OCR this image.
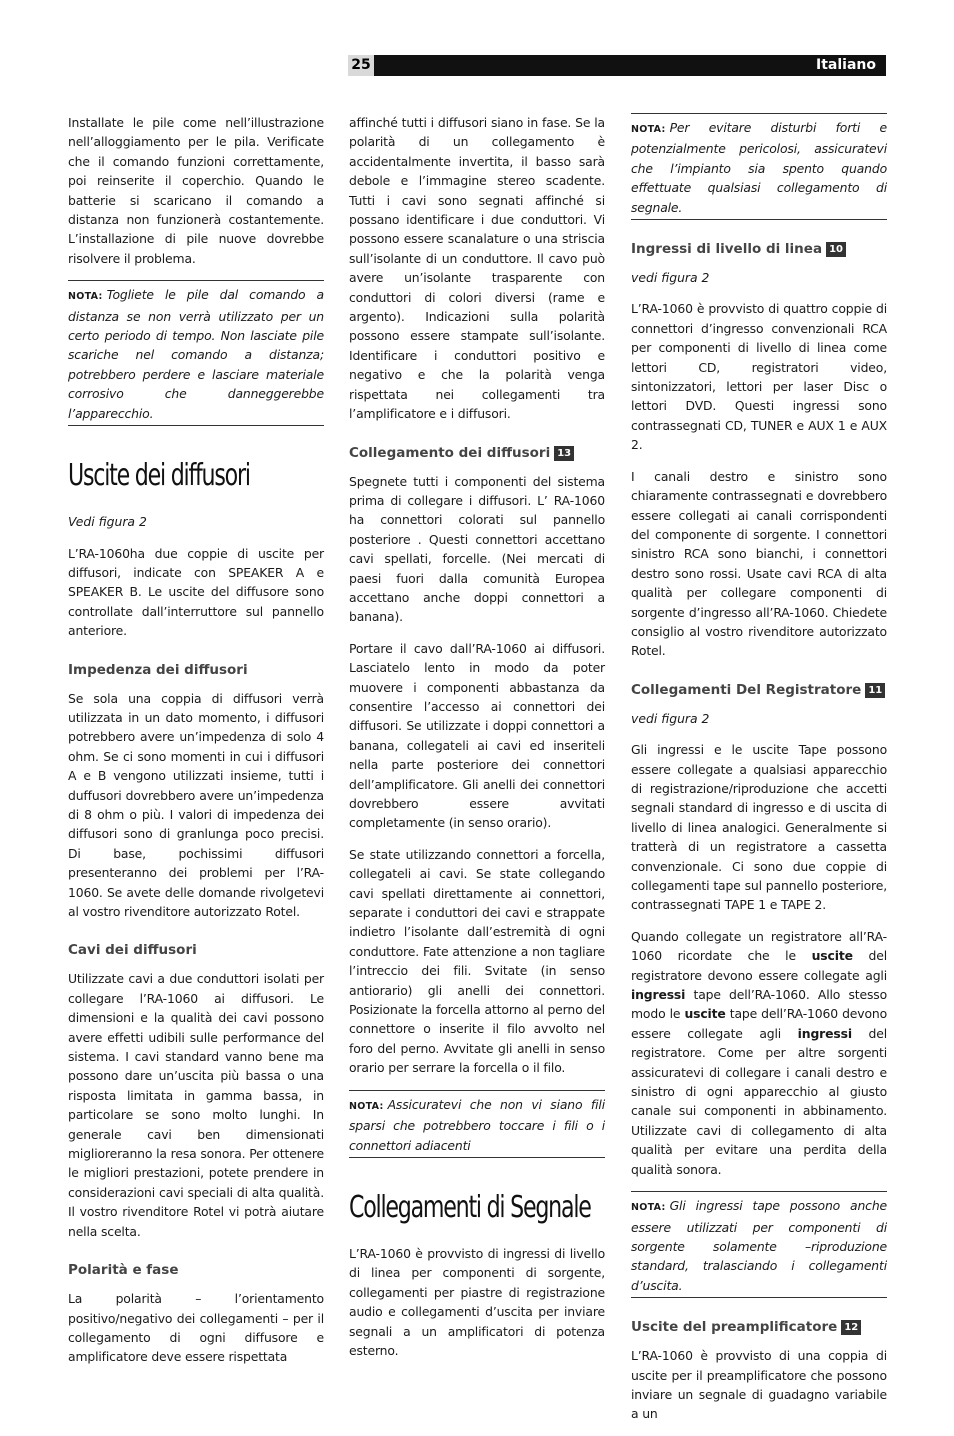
25	Italiano

Installate le pile come nell’illustrazione nell’alloggiamento per le pila. Verificate che il comando funzioni correttamente, poi reinserite il coperchio. Quando le batterie si scaricano il comando a distanza non funzionerà costantemente. L’installazione di pile nuove dovrebbe risolvere il problema.

NOTA: Togliete le pile dal comando a distanza se non verrà utilizzato per un certo periodo di tempo. Non lasciate pile scariche nel comando a distanza; potrebbero perdere e lasciare materiale corrosivo che danneggerebbe l’apparecchio.

Uscite dei diffusori
Vedi figura 2

L’RA-1060ha due coppie di uscite per diffusori, indicate con SPEAKER A e SPEAKER B. Le uscite del diffusore sono controllate dall’interruttore sul pannello anteriore.

Impedenza dei diffusori

Se sola una coppia di diffusori verrà utilizzata in un dato momento, i diffusori potrebbero avere un’impedenza di solo 4 ohm. Se ci sono momenti in cui i diffusori A e B vengono utilizzati insieme, tutti i duffusori dovrebbero avere un’impedenza di 8 ohm o più. I valori di impedenza dei diffusori sono di granlunga poco precisi. Di base, pochissimi diffusori presenteranno dei problemi per l’RA-1060. Se avete delle domande rivolgetevi al vostro rivenditore autorizzato Rotel.

Cavi dei diffusori

Utilizzate cavi a due conduttori isolati per collegare l’RA-1060 ai diffusori. Le dimensioni e la qualità dei cavi possono avere effetti udibili sulle performance del sistema. I cavi standard vanno bene ma possono dare un’uscita più bassa o una risposta limitata in gamma bassa, in particolare se sono molto lunghi. In generale cavi ben dimensionati miglioreranno la resa sonora. Per ottenere le migliori prestazioni, potete prendere in considerazioni cavi speciali di alta qualità. Il vostro rivenditore Rotel vi potrà aiutare nella scelta.

Polarità e fase

La polarità – l’orientamento positivo/negativo dei collegamenti – per il collegamento di ogni diffusore e amplificatore deve essere rispettata

affinché tutti i diffusori siano in fase. Se la polarità di un collegamento è accidentalmente invertita, il basso sarà debole e l’immagine stereo scadente. Tutti i cavi sono segnati affinché si possano identificare i due conduttori. Vi possono essere scanalature o una striscia sull’isolante di un conduttore. Il cavo può avere un’isolante trasparente con conduttori di colori diversi (rame e argento). Indicazioni sulla polarità possono essere stampate sull’isolante. Identificare i conduttori positivo e negativo e che la polarità venga rispettata nei collegamenti tra l’amplificatore e i diffusori.

Collegamento dei diffusori 13

Spegnete tutti i componenti del sistema prima di collegare i diffusori. L’ RA-1060 ha connettori colorati sul pannello posteriore . Questi connettori accettano cavi spellati, forcelle. (Nei mercati di paesi fuori dalla comunità Europea accettano anche doppi connettori a banana).

Portare il cavo dall’RA-1060 ai diffusori. Lasciatelo lento in modo da poter muovere i componenti abbastanza da consentire l’accesso ai connettori dei diffusori. Se utilizzate i doppi connettori a banana, collegateli ai cavi ed inseriteli nella parte posteriore dei connettori dell’amplificatore. Gli anelli dei connettori dovrebbero essere avvitati completamente (in senso orario).

Se state utilizzando connettori a forcella, collegateli ai cavi. Se state collegando cavi spellati direttamente ai connettori, separate i conduttori dei cavi e strappate indietro l’isolante dall’estremità di ogni conduttore. Fate attenzione a non tagliare l’intreccio dei fili. Svitate (in senso antiorario) gli anelli dei connettori. Posizionate la forcella attorno al perno del connettore o inserite il filo avvolto nel foro del perno. Avvitate gli anelli in senso orario per serrare la forcella o il filo.

NOTA: Assicuratevi che non vi siano fili sparsi che potrebbero toccare i fili o i connettori adiacenti

Collegamenti di Segnale

L’RA-1060 è provvisto di ingressi di livello di linea per componenti di sorgente, collegamenti per piastre di registrazione audio e collegamenti d’uscita per inviare segnali a un amplificatori di potenza esterno.

NOTA: Per evitare disturbi forti e potenzialmente pericolosi, assicuratevi che l’impianto sia spento quando effettuate qualsiasi collegamento di segnale.

Ingressi di livello di linea 10
vedi figura 2

L’RA-1060 è provvisto di quattro coppie di connettori d’ingresso convenzionali RCA per componenti di livello di linea come lettori CD, registratori video, sintonizzatori, lettori per laser Disc o lettori DVD. Questi ingressi sono contrassegnati CD, TUNER e AUX 1 e AUX 2.

I canali destro e sinistro sono chiaramente contrassegnati e dovrebbero essere collegati ai canali corrispondenti del componente di sorgente. I connettori sinistro RCA sono bianchi, i connettori destro sono rossi. Usate cavi RCA di alta qualità per collegare componenti di sorgente d’ingresso all’RA-1060. Chiedete consiglio al vostro rivenditore autorizzato Rotel.

Collegamenti Del Registratore 11
vedi figura 2

Gli ingressi e le uscite Tape possono essere collegate a qualsiasi apparecchio di registrazione/riproduzione che accetti segnali standard di ingresso e di uscita di livello di linea analogici. Generalmente si tratterà di un registratore a cassetta convenzionale. Ci sono due coppie di collegamenti tape sul pannello posteriore, contrassegnati TAPE 1 e TAPE 2.

Quando collegate un registratore all’RA-1060 ricordate che le uscite del registratore devono essere collegate agli ingressi tape dell’RA-1060. Allo stesso modo le uscite tape dell’RA-1060 devono essere collegate agli ingressi del registratore. Come per altre sorgenti assicuratevi di collegare i canali destro e sinistro di ogni apparecchio al giusto canale sui componenti in abbinamento. Utilizzate cavi di collegamento di alta qualità per evitare una perdita della qualità sonora.

NOTA: Gli ingressi tape possono anche essere utilizzati per componenti di sorgente solamente –riproduzione standard, tralasciando i collegamenti d’uscita.

Uscite del preamplificatore 12

L’RA-1060 è provvisto di una coppia di uscite per il preamplificatore che possono inviare un segnale di guadagno variabile a un
